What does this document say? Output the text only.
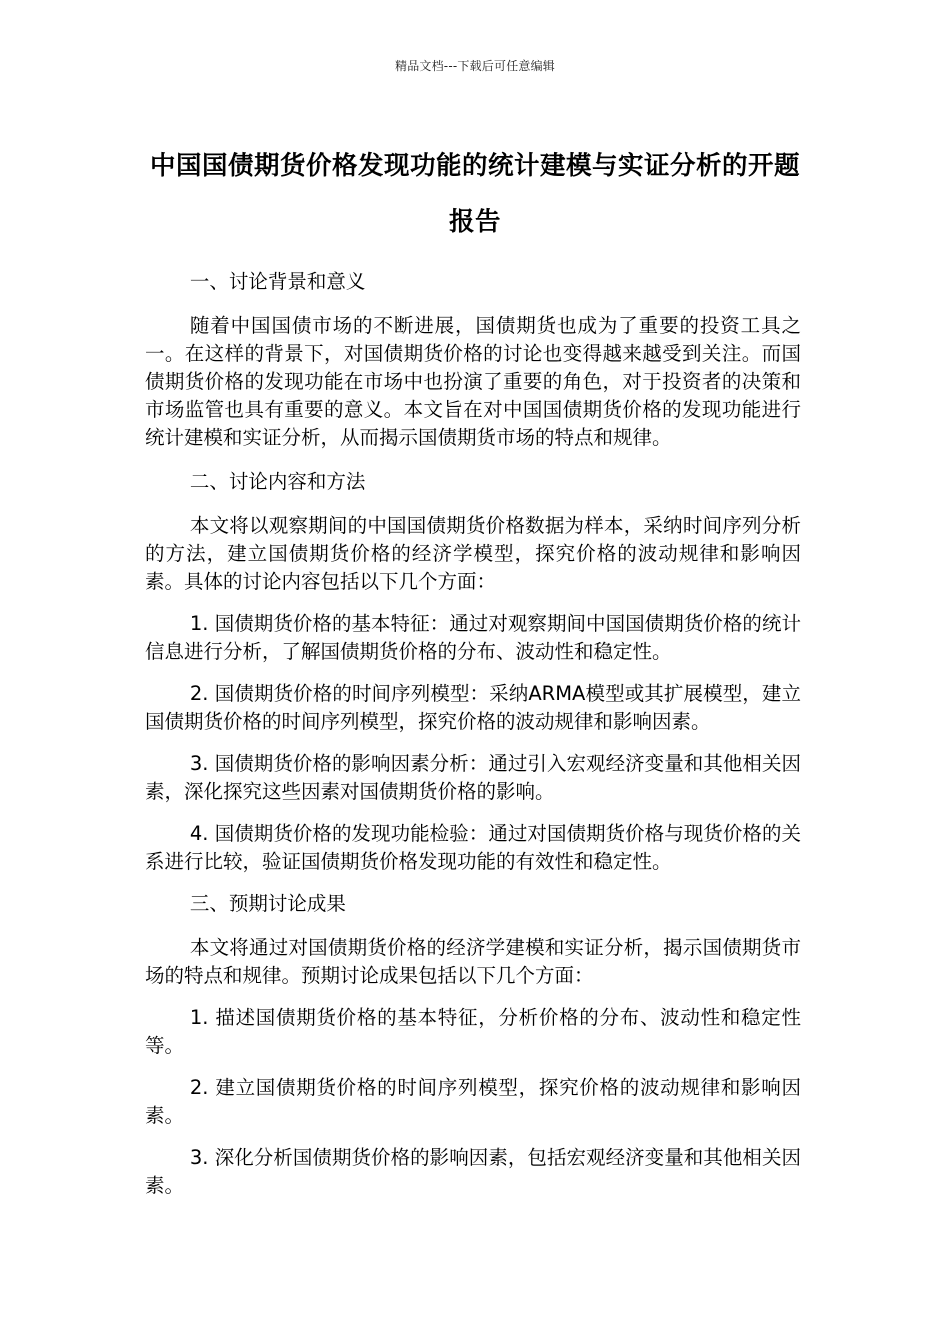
精品文档---下载后可任意编辑
中国国债期货价格发现功能的统计建模与实证分析的开题报告

一、讨论背景和意义

随着中国国债市场的不断进展，国债期货也成为了重要的投资工具之一。在这样的背景下，对国债期货价格的讨论也变得越来越受到关注。而国债期货价格的发现功能在市场中也扮演了重要的角色，对于投资者的决策和市场监管也具有重要的意义。本文旨在对中国国债期货价格的发现功能进行统计建模和实证分析，从而揭示国债期货市场的特点和规律。

二、讨论内容和方法

本文将以观察期间的中国国债期货价格数据为样本，采纳时间序列分析的方法，建立国债期货价格的经济学模型，探究价格的波动规律和影响因素。具体的讨论内容包括以下几个方面：

1. 国债期货价格的基本特征：通过对观察期间中国国债期货价格的统计信息进行分析，了解国债期货价格的分布、波动性和稳定性。

2. 国债期货价格的时间序列模型：采纳ARMA模型或其扩展模型，建立国债期货价格的时间序列模型，探究价格的波动规律和影响因素。

3. 国债期货价格的影响因素分析：通过引入宏观经济变量和其他相关因素，深化探究这些因素对国债期货价格的影响。

4. 国债期货价格的发现功能检验：通过对国债期货价格与现货价格的关系进行比较，验证国债期货价格发现功能的有效性和稳定性。

三、预期讨论成果

本文将通过对国债期货价格的经济学建模和实证分析，揭示国债期货市场的特点和规律。预期讨论成果包括以下几个方面：

1. 描述国债期货价格的基本特征，分析价格的分布、波动性和稳定性等。

2. 建立国债期货价格的时间序列模型，探究价格的波动规律和影响因素。

3. 深化分析国债期货价格的影响因素，包括宏观经济变量和其他相关因素。
